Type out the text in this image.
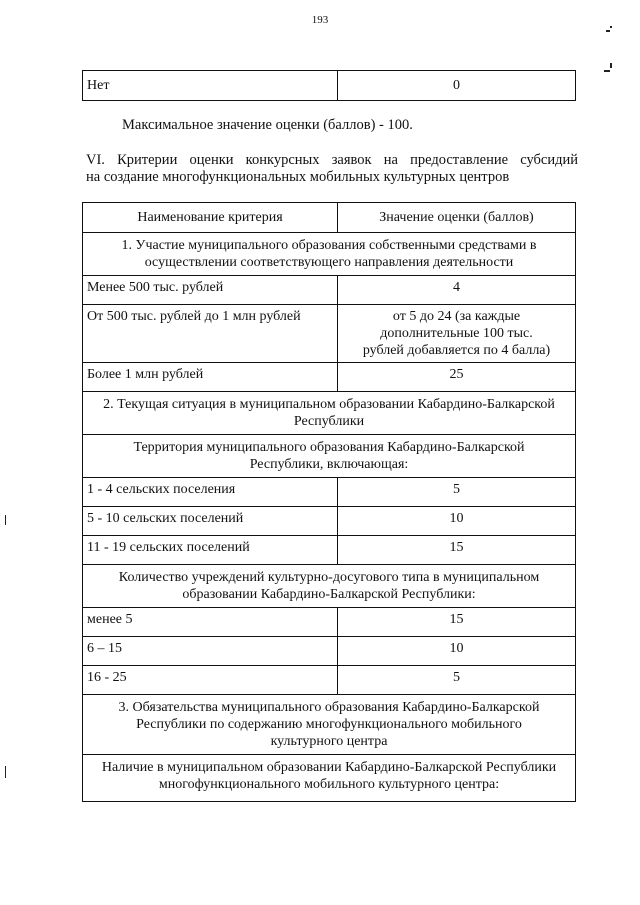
193
Нет	0
Максимальное значение оценки (баллов) - 100.
VI. Критерии оценки конкурсных заявок на предоставление субсидий
на создание многофункциональных мобильных культурных центров
Наименование критерия	Значение оценки (баллов)
1. Участие муниципального образования собственными средствами в осуществлении соответствующего направления деятельности	
Менее 500 тыс. рублей	4
От 500 тыс. рублей до 1 млн рублей	от 5 до 24 (за каждые дополнительные 100 тыс. рублей добавляется по 4 балла)
Более 1 млн рублей	25
2. Текущая ситуация в муниципальном образовании Кабардино-Балкарской Республики	
Территория муниципального образования Кабардино-Балкарской Республики, включающая:	
1 - 4 сельских поселения	5
5 - 10 сельских поселений	10
11 - 19 сельских поселений	15
Количество учреждений культурно-досугового типа в муниципальном образовании Кабардино-Балкарской Республики:	
менее 5	15
6 – 15	10
16 - 25	5
3. Обязательства муниципального образования Кабардино-Балкарской Республики по содержанию многофункционального мобильного культурного центра	
Наличие в муниципальном образовании Кабардино-Балкарской Республики многофункционального мобильного культурного центра:	
